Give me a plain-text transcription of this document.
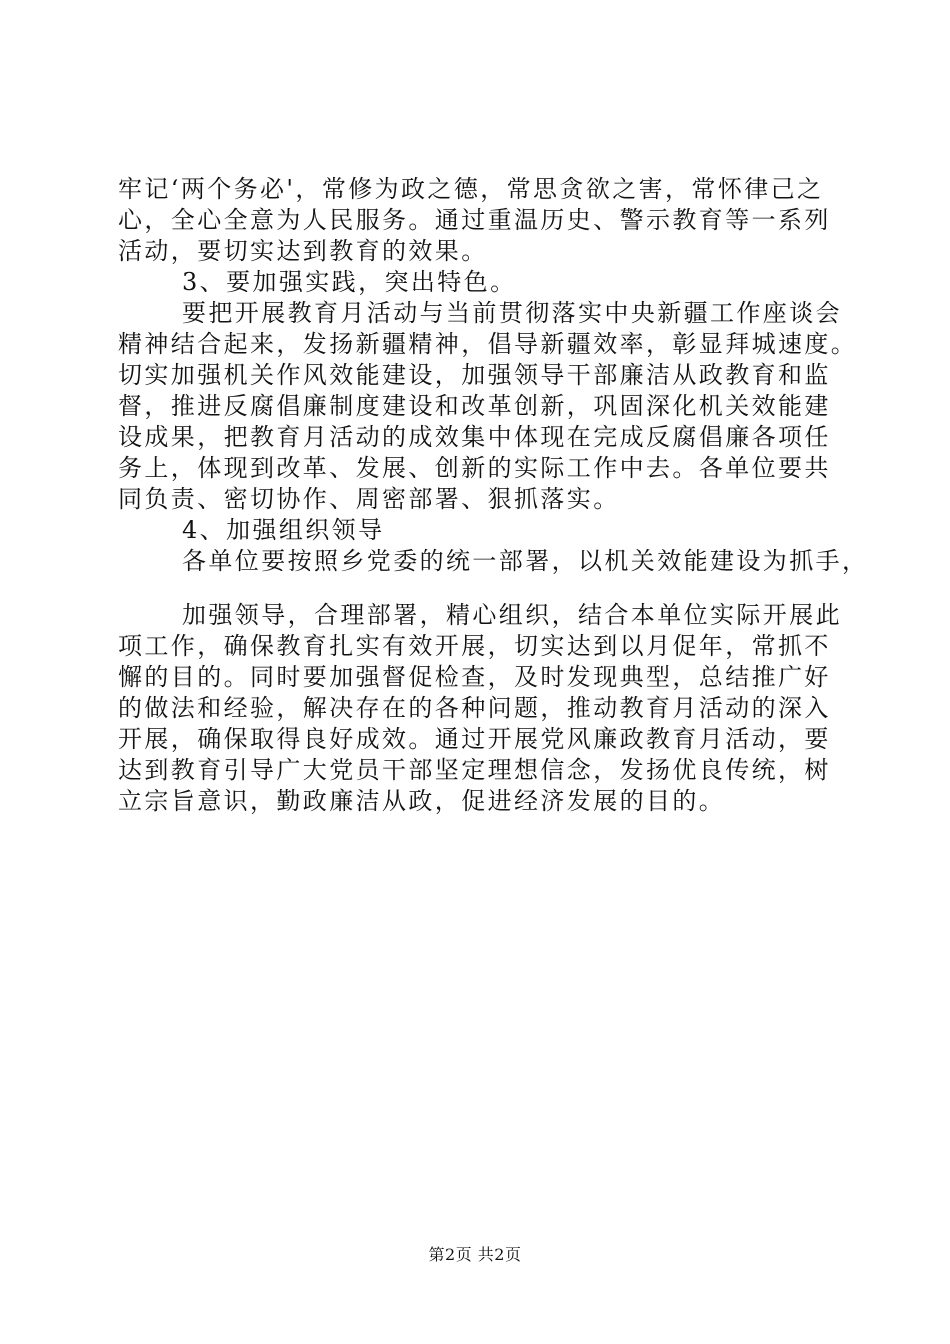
牢记‘两个务必'，常修为政之德，常思贪欲之害，常怀律己之

心，全心全意为人民服务。通过重温历史、警示教育等一系列

活动，要切实达到教育的效果。

3、要加强实践，突出特色。

要把开展教育月活动与当前贯彻落实中央新疆工作座谈会

精神结合起来，发扬新疆精神，倡导新疆效率，彰显拜城速度。

切实加强机关作风效能建设，加强领导干部廉洁从政教育和监

督，推进反腐倡廉制度建设和改革创新，巩固深化机关效能建

设成果，把教育月活动的成效集中体现在完成反腐倡廉各项任

务上，体现到改革、发展、创新的实际工作中去。各单位要共

同负责、密切协作、周密部署、狠抓落实。

4、加强组织领导

各单位要按照乡党委的统一部署，以机关效能建设为抓手，

加强领导，合理部署，精心组织，结合本单位实际开展此

项工作，确保教育扎实有效开展，切实达到以月促年，常抓不

懈的目的。同时要加强督促检查，及时发现典型，总结推广好

的做法和经验，解决存在的各种问题，推动教育月活动的深入

开展，确保取得良好成效。通过开展党风廉政教育月活动，要

达到教育引导广大党员干部坚定理想信念，发扬优良传统，树

立宗旨意识，勤政廉洁从政，促进经济发展的目的。

第2页 共2页
